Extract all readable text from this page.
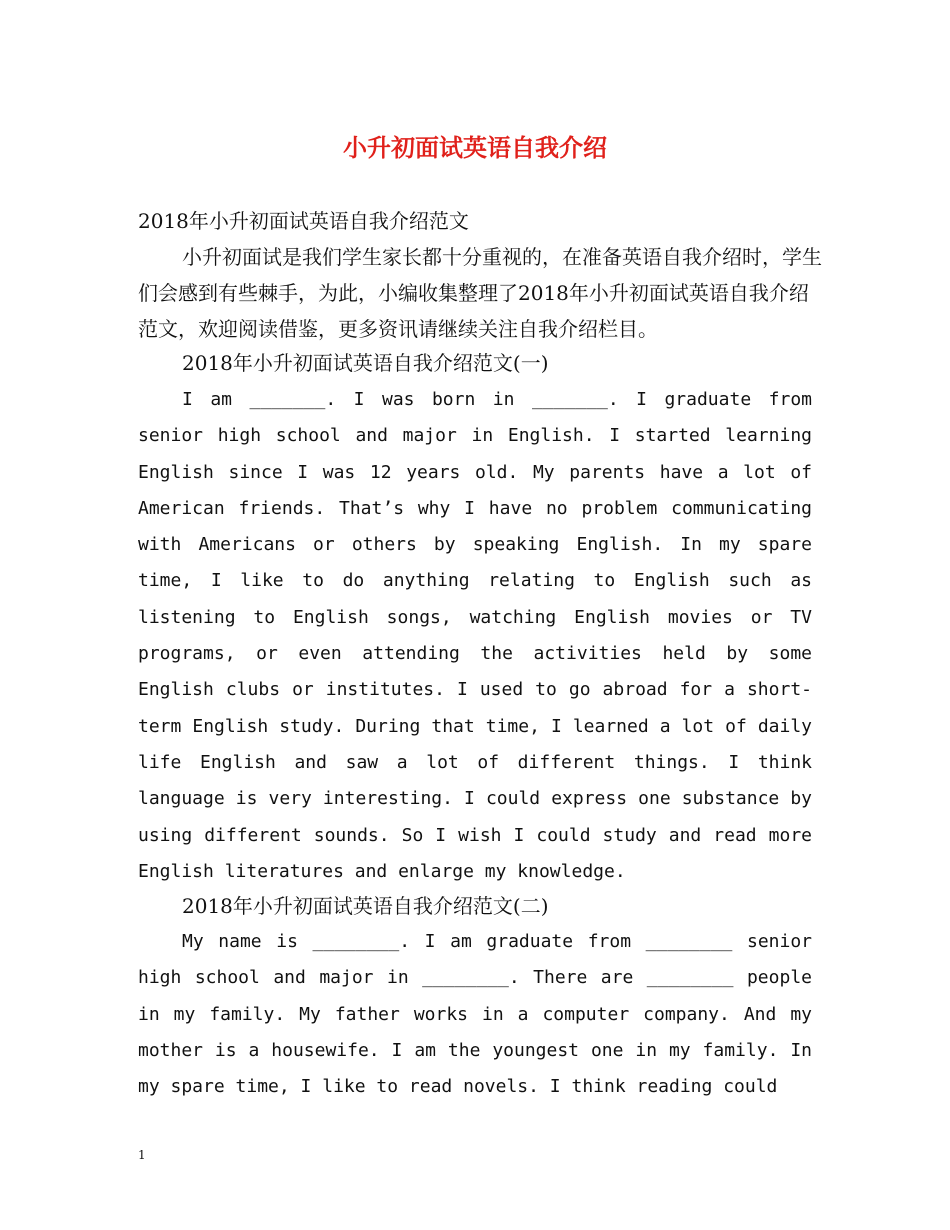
小升初面试英语自我介绍

2018年小升初面试英语自我介绍范文

小升初面试是我们学生家长都十分重视的，在准备英语自我介绍时，学生们会感到有些棘手，为此，小编收集整理了2018年小升初面试英语自我介绍范文，欢迎阅读借鉴，更多资讯请继续关注自我介绍栏目。

2018年小升初面试英语自我介绍范文(一)

I am _______. I was born in _______. I graduate from senior high school and major in English. I started learning English since I was 12 years old. My parents have a lot of American friends. That’s why I have no problem communicating with Americans or others by speaking English. In my spare time, I like to do anything relating to English such as listening to English songs, watching English movies or TV programs, or even attending the activities held by some English clubs or institutes. I used to go abroad for a short-term English study. During that time, I learned a lot of daily life English and saw a lot of different things. I think language is very interesting. I could express one substance by using different sounds. So I wish I could study and read more English literatures and enlarge my knowledge.

2018年小升初面试英语自我介绍范文(二)

My name is ________. I am graduate from ________ senior high school and major in ________. There are ________ people in my family. My father works in a computer company. And my mother is a housewife. I am the youngest one in my family. In my spare time, I like to read novels. I think reading could

1
